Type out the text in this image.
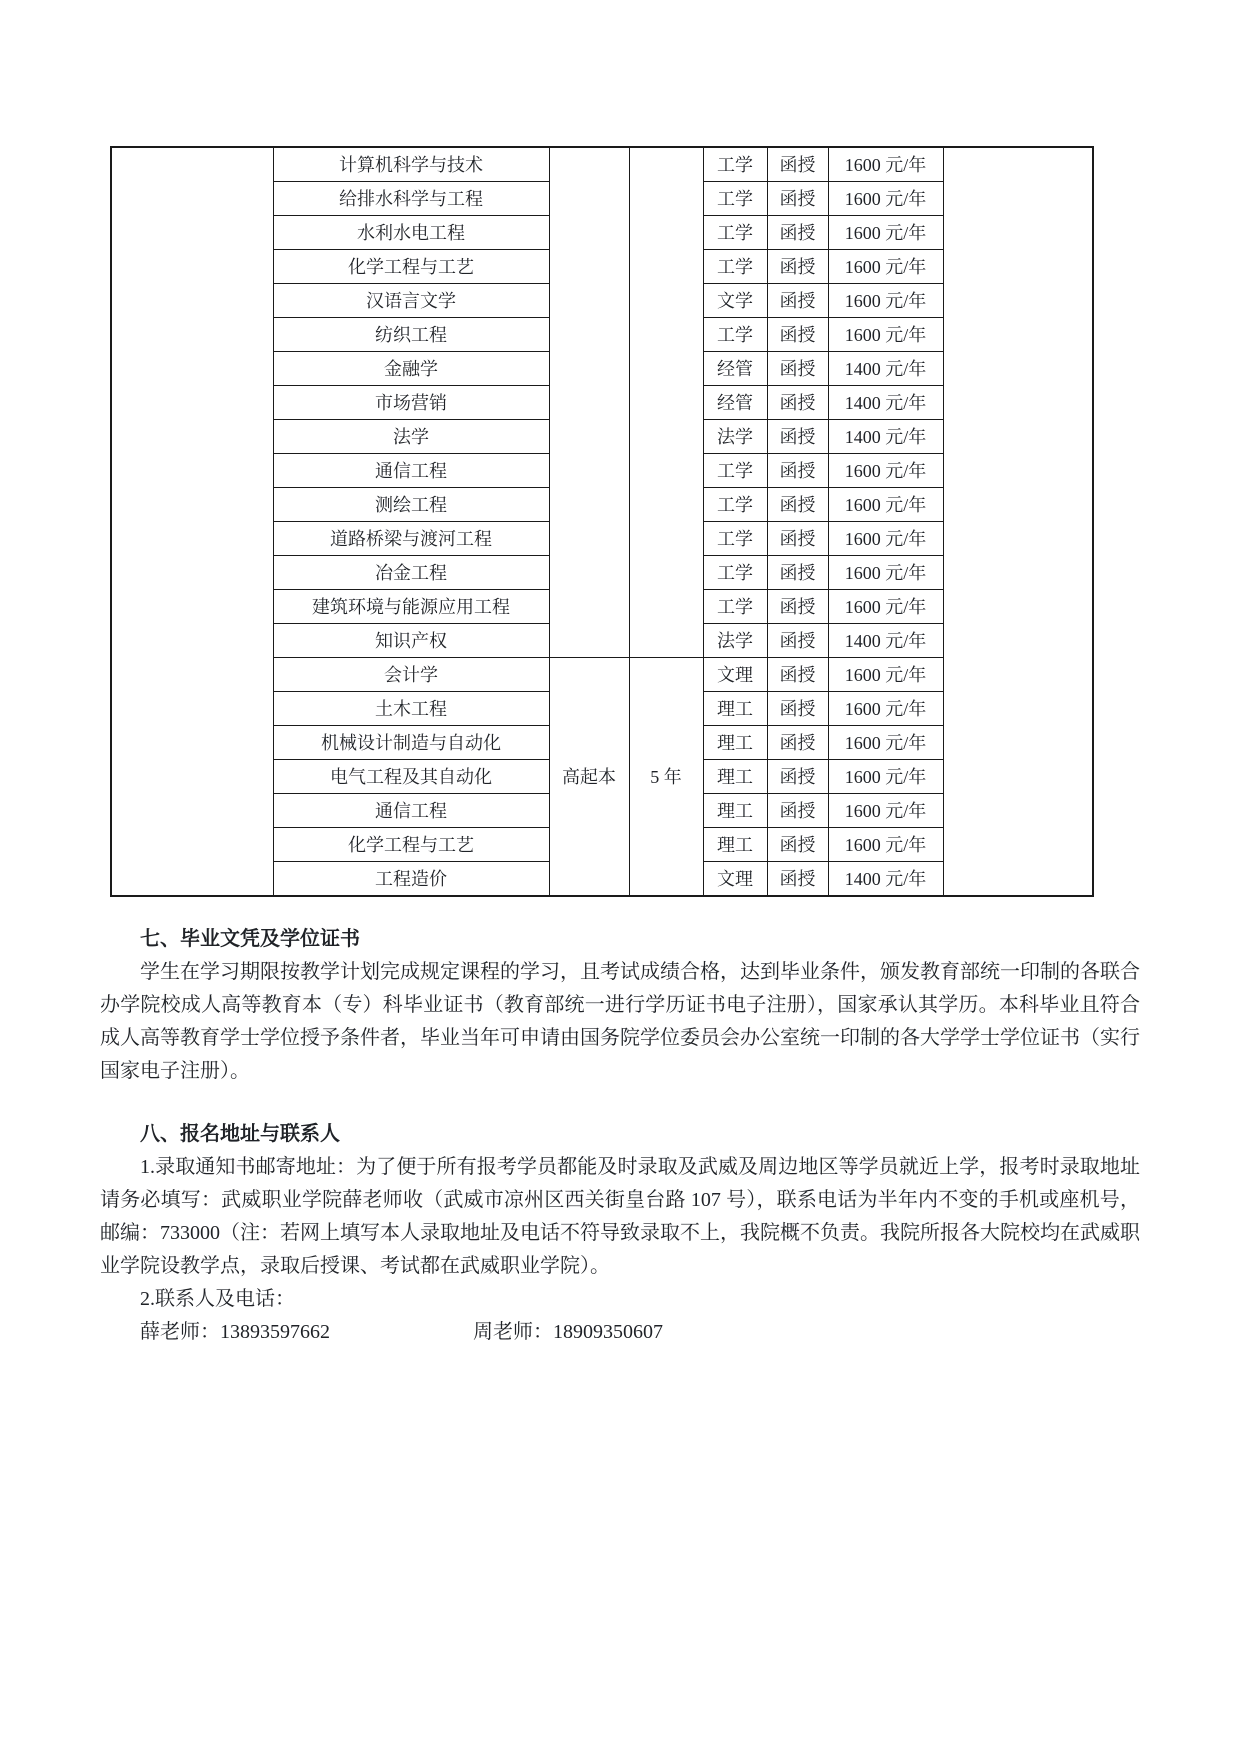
	计算机科学与技术			工学	函授	1600 元/年	
	给排水科学与工程			工学	函授	1600 元/年	
	水利水电工程			工学	函授	1600 元/年	
	化学工程与工艺			工学	函授	1600 元/年	
	汉语言文学			文学	函授	1600 元/年	
	纺织工程			工学	函授	1600 元/年	
	金融学			经管	函授	1400 元/年	
	市场营销			经管	函授	1400 元/年	
	法学			法学	函授	1400 元/年	
	通信工程			工学	函授	1600 元/年	
	测绘工程			工学	函授	1600 元/年	
	道路桥梁与渡河工程			工学	函授	1600 元/年	
	冶金工程			工学	函授	1600 元/年	
	建筑环境与能源应用工程			工学	函授	1600 元/年	
	知识产权			法学	函授	1400 元/年	
	会计学	高起本	5 年	文理	函授	1600 元/年	
	土木工程			理工	函授	1600 元/年	
	机械设计制造与自动化			理工	函授	1600 元/年	
	电气工程及其自动化			理工	函授	1600 元/年	
	通信工程			理工	函授	1600 元/年	
	化学工程与工艺			理工	函授	1600 元/年	
	工程造价			文理	函授	1400 元/年	

七、毕业文凭及学位证书

学生在学习期限按教学计划完成规定课程的学习，且考试成绩合格，达到毕业条件，颁发教育部统一印制的各联合办学院校成人高等教育本（专）科毕业证书（教育部统一进行学历证书电子注册），国家承认其学历。本科毕业且符合成人高等教育学士学位授予条件者，毕业当年可申请由国务院学位委员会办公室统一印制的各大学学士学位证书（实行国家电子注册）。

八、报名地址与联系人

1.录取通知书邮寄地址：为了便于所有报考学员都能及时录取及武威及周边地区等学员就近上学，报考时录取地址请务必填写：武威职业学院薛老师收（武威市凉州区西关街皇台路 107 号），联系电话为半年内不变的手机或座机号，邮编：733000（注：若网上填写本人录取地址及电话不符导致录取不上，我院概不负责。我院所报各大院校均在武威职业学院设教学点，录取后授课、考试都在武威职业学院）。

2.联系人及电话：

薛老师：13893597662	周老师：18909350607
